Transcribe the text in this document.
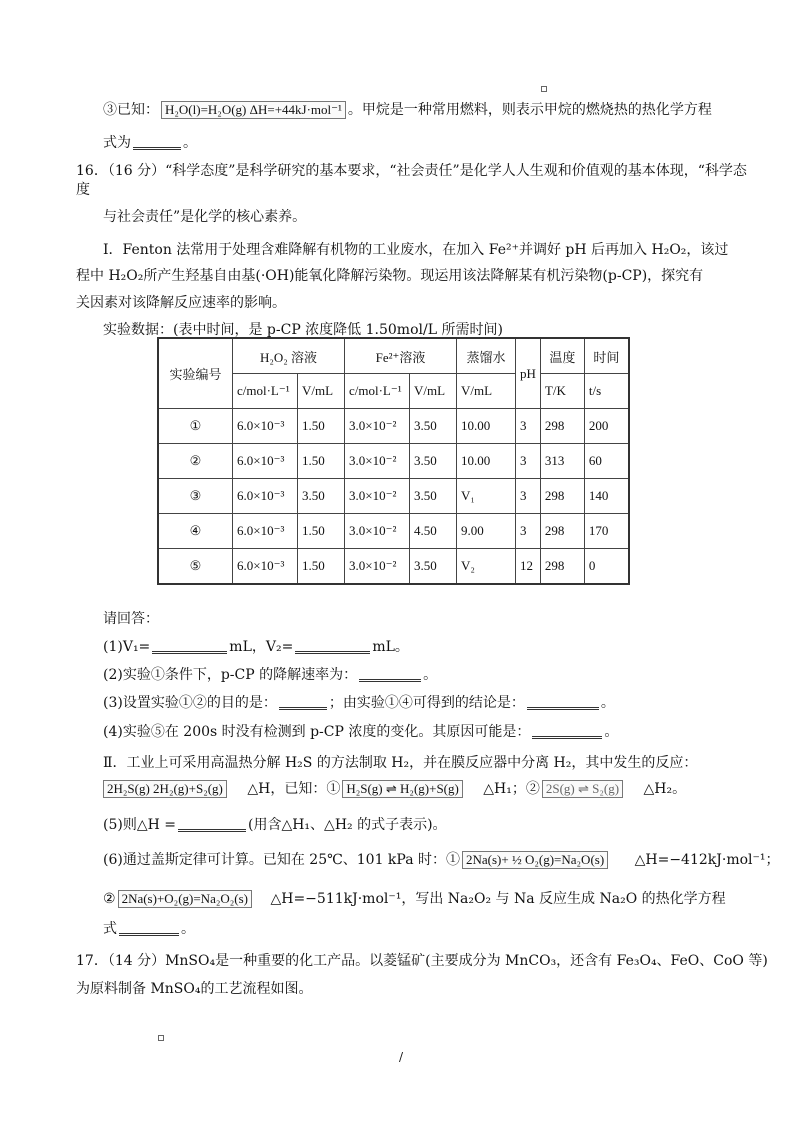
③已知： H₂O(l)=H₂O(g) ΔH=+44kJ·mol⁻¹ 。甲烷是一种常用燃料，则表示甲烷的燃烧热的热化学方程
式为	。
16．（16 分）“科学态度”是科学研究的基本要求，“社会责任”是化学人人生观和价值观的基本体现，“科学态
度
与社会责任”是化学的核心素养。
Ⅰ．Fenton 法常用于处理含难降解有机物的工业废水，在加入 Fe²⁺并调好 pH 后再加入 H₂O₂，该过
程中 H₂O₂所产生羟基自由基(·OH)能氧化降解污染物。现运用该法降解某有机污染物(p-CP)，探究有
关因素对该降解反应速率的影响。
实验数据：(表中时间，是 p-CP 浓度降低 1.50mol/L 所需时间)
实验编号	H₂O₂ 溶液		Fe²⁺溶液		蒸馏水	pH	温度	时间
	c/mol·L⁻¹	V/mL	c/mol·L⁻¹	V/mL	V/mL		T/K	t/s
①	6.0×10⁻³	1.50	3.0×10⁻²	3.50	10.00	3	298	200
②	6.0×10⁻³	1.50	3.0×10⁻²	3.50	10.00	3	313	60
③	6.0×10⁻³	3.50	3.0×10⁻²	3.50	V₁	3	298	140
④	6.0×10⁻³	1.50	3.0×10⁻²	4.50	9.00	3	298	170
⑤	6.0×10⁻³	1.50	3.0×10⁻²	3.50	V₂	12	298	0
请回答：
(1)V₁=	mL，V₂=	mL。
(2)实验①条件下，p-CP 的降解速率为：	。
(3)设置实验①②的目的是：	；由实验①④可得到的结论是：	。
(4)实验⑤在 200s 时没有检测到 p-CP 浓度的变化。其原因可能是：	。
Ⅱ．工业上可采用高温热分解 H₂S 的方法制取 H₂，并在膜反应器中分离 H₂，其中发生的反应：
2H₂S(g) 2H₂(g)+S₂(g) △H，已知：① H₂S(g) ⇌ H₂(g)+S(g) △H₁；② 2S(g) ⇌ S₂(g) △H₂。
(5)则△H =	(用含△H₁、△H₂ 的式子表示)。
(6)通过盖斯定律可计算。已知在 25℃、101 kPa 时：① 2Na(s)+ ½ O₂(g)=Na₂O(s) △H=−412kJ·mol⁻¹；
② 2Na(s)+O₂(g)=Na₂O₂(s) △H=−511kJ·mol⁻¹，写出 Na₂O₂ 与 Na 反应生成 Na₂O 的热化学方程
式	。
17．（14 分）MnSO₄是一种重要的化工产品。以菱锰矿(主要成分为 MnCO₃，还含有 Fe₃O₄、FeO、CoO 等)
为原料制备 MnSO₄的工艺流程如图。
/
